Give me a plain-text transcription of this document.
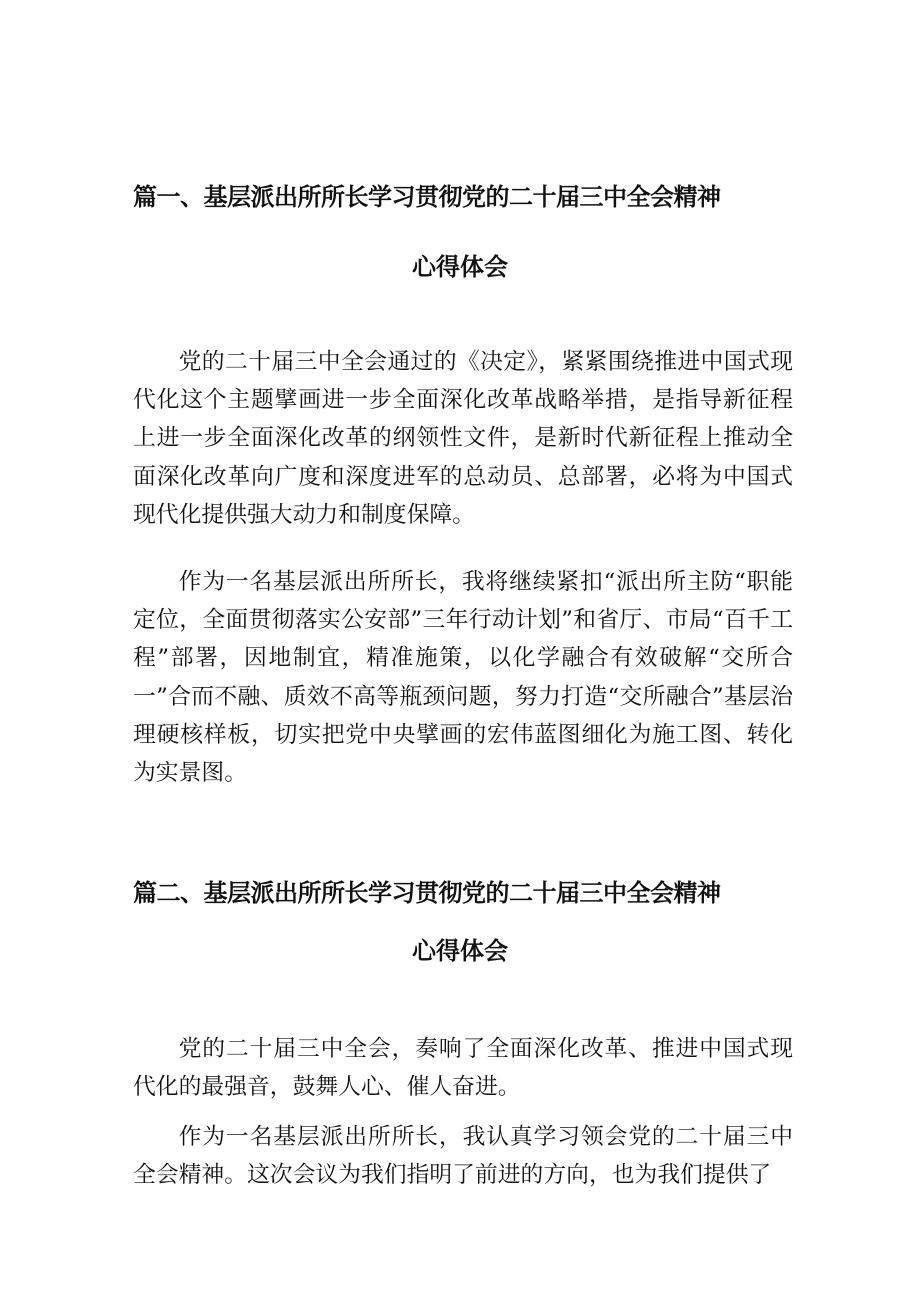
篇一、基层派出所所长学习贯彻党的二十届三中全会精神
心得体会

党的二十届三中全会通过的《决定》，紧紧围绕推进中国式现代化这个主题擘画进一步全面深化改革战略举措，是指导新征程上进一步全面深化改革的纲领性文件，是新时代新征程上推动全面深化改革向广度和深度进军的总动员、总部署，必将为中国式现代化提供强大动力和制度保障。

作为一名基层派出所所长，我将继续紧扣“派出所主防“职能定位，全面贯彻落实公安部”三年行动计划”和省厅、市局“百千工程”部署，因地制宜，精准施策，以化学融合有效破解“交所合一”合而不融、质效不高等瓶颈问题，努力打造“交所融合”基层治理硬核样板，切实把党中央擘画的宏伟蓝图细化为施工图、转化为实景图。

篇二、基层派出所所长学习贯彻党的二十届三中全会精神
心得体会

党的二十届三中全会，奏响了全面深化改革、推进中国式现代化的最强音，鼓舞人心、催人奋进。

作为一名基层派出所所长，我认真学习领会党的二十届三中全会精神。这次会议为我们指明了前进的方向，也为我们提供了
